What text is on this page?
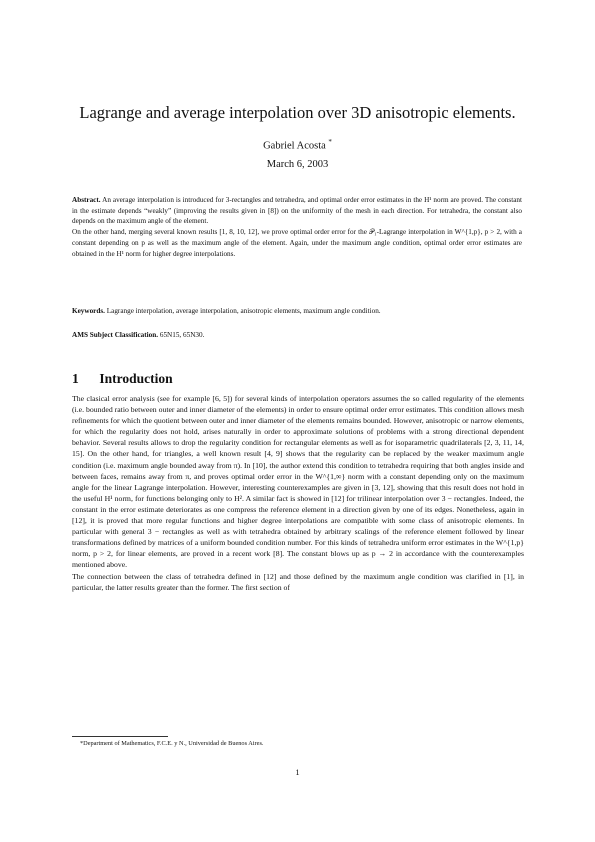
Lagrange and average interpolation over 3D anisotropic elements.
Gabriel Acosta *
March 6, 2003

Abstract. An average interpolation is introduced for 3-rectangles and tetrahedra, and optimal order error estimates in the H¹ norm are proved. The constant in the estimate depends “weakly” (improving the results given in [8]) on the uniformity of the mesh in each direction. For tetrahedra, the constant also depends on the maximum angle of the element.

On the other hand, merging several known results [1, 8, 10, 12], we prove optimal order error for the 𝒫₁-Lagrange interpolation in W^{1,p}, p > 2, with a constant depending on p as well as the maximum angle of the element. Again, under the maximum angle condition, optimal order error estimates are obtained in the H¹ norm for higher degree interpolations.

Keywords. Lagrange interpolation, average interpolation, anisotropic elements, maximum angle condition.
AMS Subject Classification. 65N15, 65N30.
1 Introduction

The clasical error analysis (see for example [6, 5]) for several kinds of interpolation operators assumes the so called regularity of the elements (i.e. bounded ratio between outer and inner diameter of the elements) in order to ensure optimal order error estimates. This condition allows mesh refinements for which the quotient between outer and inner diameter of the elements remains bounded. However, anisotropic or narrow elements, for which the regularity does not hold, arises naturally in order to approximate solutions of problems with a strong directional dependent behavior. Several results allows to drop the regularity condition for rectangular elements as well as for isoparametric quadrilaterals [2, 3, 11, 14, 15]. On the other hand, for triangles, a well known result [4, 9] shows that the regularity can be replaced by the weaker maximum angle condition (i.e. maximum angle bounded away from π). In [10], the author extend this condition to tetrahedra requiring that both angles inside and between faces, remains away from π, and proves optimal order error in the W^{1,∞} norm with a constant depending only on the maximum angle for the linear Lagrange interpolation. However, interesting counterexamples are given in [3, 12], showing that this result does not hold in the useful H¹ norm, for functions belonging only to H². A similar fact is showed in [12] for trilinear interpolation over 3 − rectangles. Indeed, the constant in the error estimate deteriorates as one compress the reference element in a direction given by one of its edges. Nonetheless, again in [12], it is proved that more regular functions and higher degree interpolations are compatible with some class of anisotropic elements. In particular with general 3 − rectangles as well as with tetrahedra obtained by arbitrary scalings of the reference element followed by linear transformations defined by matrices of a uniform bounded condition number. For this kinds of tetrahedra uniform error estimates in the W^{1,p} norm, p > 2, for linear elements, are proved in a recent work [8]. The constant blows up as p → 2 in accordance with the counterexamples mentioned above.

The connection between the class of tetrahedra defined in [12] and those defined by the maximum angle condition was clarified in [1], in particular, the latter results greater than the former. The first section of

*Department of Mathematics, F.C.E. y N., Universidad de Buenos Aires.
1
